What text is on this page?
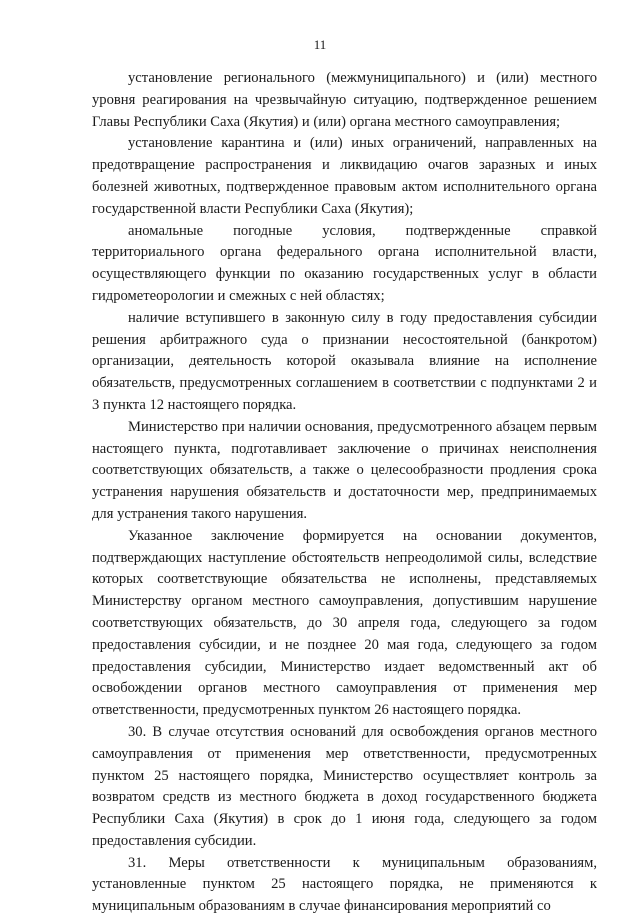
11

установление регионального (межмуниципального) и (или) местного уровня реагирования на чрезвычайную ситуацию, подтвержденное решением Главы Республики Саха (Якутия) и (или) органа местного самоуправления;

установление карантина и (или) иных ограничений, направленных на предотвращение распространения и ликвидацию очагов заразных и иных болезней животных, подтвержденное правовым актом исполнительного органа государственной власти Республики Саха (Якутия);

аномальные погодные условия, подтвержденные справкой территориального органа федерального органа исполнительной власти, осуществляющего функции по оказанию государственных услуг в области гидрометеорологии и смежных с ней областях;

наличие вступившего в законную силу в году предоставления субсидии решения арбитражного суда о признании несостоятельной (банкротом) организации, деятельность которой оказывала влияние на исполнение обязательств, предусмотренных соглашением в соответствии с подпунктами 2 и 3 пункта 12 настоящего порядка.

Министерство при наличии основания, предусмотренного абзацем первым настоящего пункта, подготавливает заключение о причинах неисполнения соответствующих обязательств, а также о целесообразности продления срока устранения нарушения обязательств и достаточности мер, предпринимаемых для устранения такого нарушения.

Указанное заключение формируется на основании документов, подтверждающих наступление обстоятельств непреодолимой силы, вследствие которых соответствующие обязательства не исполнены, представляемых Министерству органом местного самоуправления, допустившим нарушение соответствующих обязательств, до 30 апреля года, следующего за годом предоставления субсидии, и не позднее 20 мая года, следующего за годом предоставления субсидии, Министерство издает ведомственный акт об освобождении органов местного самоуправления от применения мер ответственности, предусмотренных пунктом 26 настоящего порядка.

30. В случае отсутствия оснований для освобождения органов местного самоуправления от применения мер ответственности, предусмотренных пунктом 25 настоящего порядка, Министерство осуществляет контроль за возвратом средств из местного бюджета в доход государственного бюджета Республики Саха (Якутия) в срок до 1 июня года, следующего за годом предоставления субсидии.

31. Меры ответственности к муниципальным образованиям, установленные пунктом 25 настоящего порядка, не применяются к муниципальным образованиям в случае финансирования мероприятий со
